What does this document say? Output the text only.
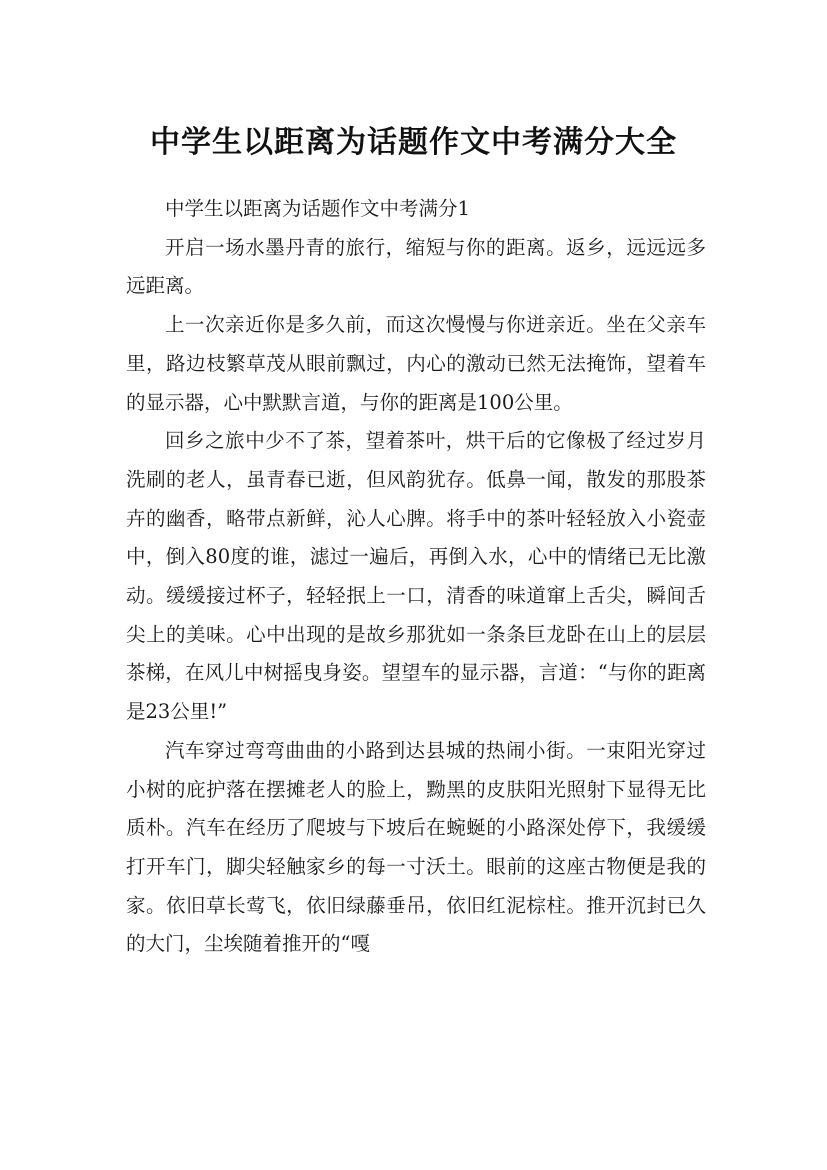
中学生以距离为话题作文中考满分大全

中学生以距离为话题作文中考满分1

开启一场水墨丹青的旅行，缩短与你的距离。返乡，远远远多远距离。

上一次亲近你是多久前，而这次慢慢与你迸亲近。坐在父亲车里，路边枝繁草茂从眼前飘过，内心的激动已然无法掩饰，望着车的显示器，心中默默言道，与你的距离是100公里。

回乡之旅中少不了茶，望着茶叶，烘干后的它像极了经过岁月洗刷的老人，虽青春已逝，但风韵犹存。低鼻一闻，散发的那股茶卉的幽香，略带点新鲜，沁人心脾。将手中的茶叶轻轻放入小瓷壶中，倒入80度的谁，滤过一遍后，再倒入水，心中的情绪已无比激动。缓缓接过杯子，轻轻抿上一口，清香的味道窜上舌尖，瞬间舌尖上的美味。心中出现的是故乡那犹如一条条巨龙卧在山上的层层茶梯，在风儿中树摇曳身姿。望望车的显示器，言道：“与你的距离是23公里!”

汽车穿过弯弯曲曲的小路到达县城的热闹小街。一束阳光穿过小树的庇护落在摆摊老人的脸上，黝黑的皮肤阳光照射下显得无比质朴。汽车在经历了爬坡与下坡后在蜿蜒的小路深处停下，我缓缓打开车门，脚尖轻触家乡的每一寸沃土。眼前的这座古物便是我的家。依旧草长莺飞，依旧绿藤垂吊，依旧红泥棕柱。推开沉封已久的大门，尘埃随着推开的“嘎
